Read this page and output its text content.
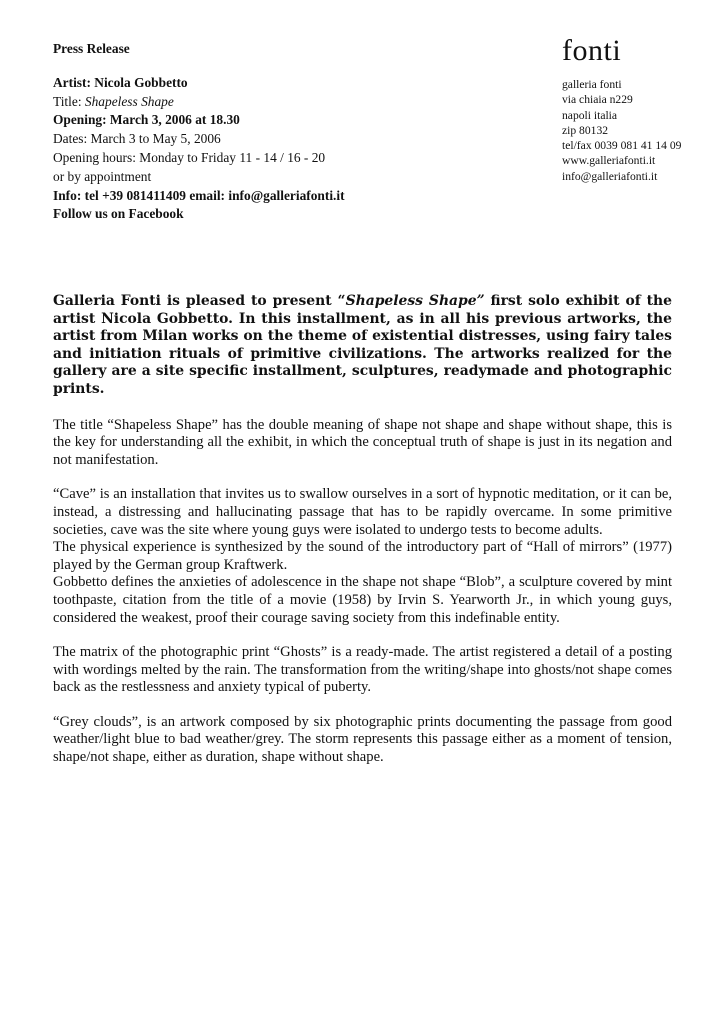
Press Release
Artist: Nicola Gobbetto
Title: Shapeless Shape
Opening: March 3, 2006 at 18.30
Dates: March 3 to May 5, 2006
Opening hours: Monday to Friday 11 - 14 / 16 - 20
or by appointment
Info: tel +39 081411409 email: info@galleriafonti.it
Follow us on Facebook
fonti
galleria fonti
via chiaia n229
napoli italia
zip 80132
tel/fax 0039 081 41 14 09
www.galleriafonti.it
info@galleriafonti.it

Galleria Fonti is pleased to present “Shapeless Shape” first solo exhibit of the artist Nicola Gobbetto. In this installment, as in all his previous artworks, the artist from Milan works on the theme of existential distresses, using fairy tales and initiation rituals of primitive civilizations. The artworks realized for the gallery are a site specific installment, sculptures, readymade and photographic prints.

The title “Shapeless Shape” has the double meaning of shape not shape and shape without shape, this is the key for understanding all the exhibit, in which the conceptual truth of shape is just in its negation and not manifestation.

“Cave” is an installation that invites us to swallow ourselves in a sort of hypnotic meditation, or it can be, instead, a distressing and hallucinating passage that has to be rapidly overcame. In some primitive societies, cave was the site where young guys were isolated to undergo tests to become adults.

The physical experience is synthesized by the sound of the introductory part of “Hall of mirrors” (1977) played by the German group Kraftwerk.

Gobbetto defines the anxieties of adolescence in the shape not shape “Blob”, a sculpture covered by mint toothpaste, citation from the title of a movie (1958) by Irvin S. Yearworth Jr., in which young guys, considered the weakest, proof their courage saving society from this indefinable entity.

The matrix of the photographic print “Ghosts” is a ready-made. The artist registered a detail of a posting with wordings melted by the rain. The transformation from the writing/shape into ghosts/not shape comes back as the restlessness and anxiety typical of puberty.

“Grey clouds”, is an artwork composed by six photographic prints documenting the passage from good weather/light blue to bad weather/grey. The storm represents this passage either as a moment of tension, shape/not shape, either as duration, shape without shape.
